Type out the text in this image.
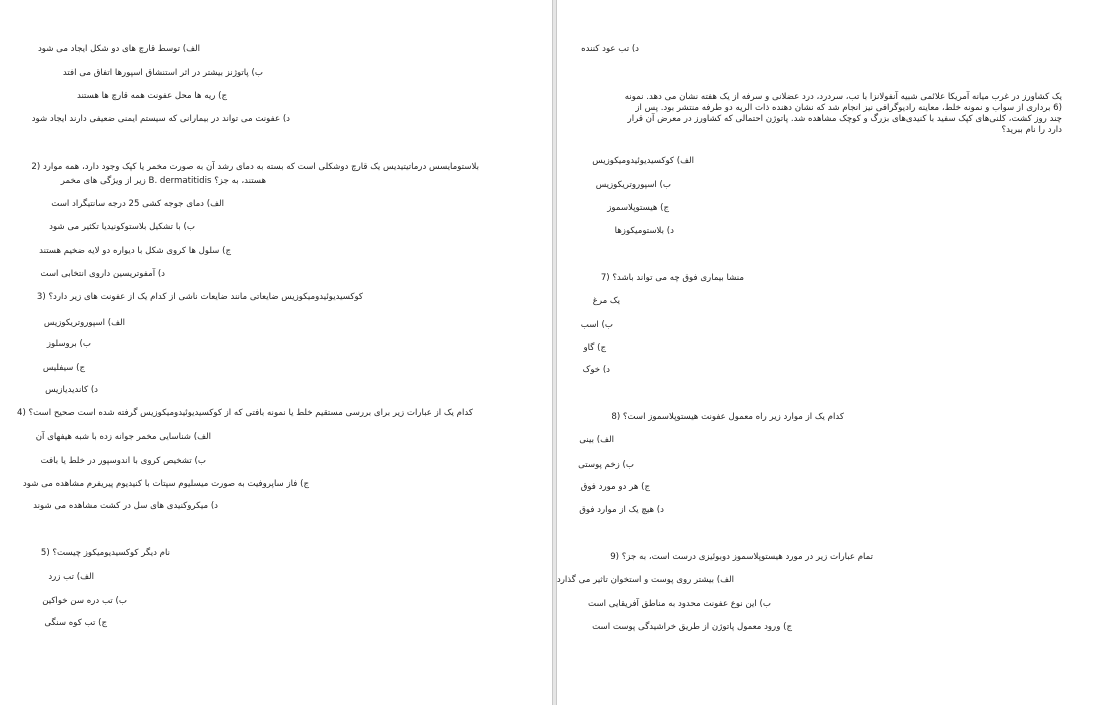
الف) توسط قارچ های دو شکل ایجاد می شود
ب) پاتوژنز بیشتر در اثر استنشاق اسپورها اتفاق می افتد
ج) ریه ها محل عفونت همه قارچ ها هستند
د) عفونت می تواند در بیمارانی که سیستم ایمنی ضعیفی دارند ایجاد شود
بلاستومایسس درماتیتیدیس یک قارچ دوشکلی است که بسته به دمای رشد آن به صورت مخمر یا کپک وجود دارد، همه موارد (2
هستند، به جز؟ B. dermatitidis زیر از ویژگی های مخمر
الف) دمای جوجه کشی 25 درجه سانتیگراد است
ب) با تشکیل بلاستوکونیدیا تکثیر می شود
ج) سلول ها کروی شکل با دیواره دو لایه ضخیم هستند
د) آمفوتریسین داروی انتخابی است
کوکسیدیوئیدومیکوزیس ضایعاتی مانند ضایعات ناشی از کدام یک از عفونت های زیر دارد؟ (3
الف) اسپوروتریکوزیس
ب) بروسلوز
ج) سیفلیس
د) کاندیدیازیس
کدام یک از عبارات زیر برای بررسی مستقیم خلط یا نمونه بافتی که از کوکسیدیوئیدومیکوزیس گرفته شده است صحیح است؟ (4
الف) شناسایی مخمر جوانه زده با شبه هیفهای آن
ب) تشخیص کروی با اندوسپور در خلط یا بافت
ج) فاز ساپروفیت به صورت میسلیوم سپتات با کنیدیوم پیریفرم مشاهده می شود
د) میکروکنیدی های سل در کشت مشاهده می شوند
نام دیگر کوکسیدیومیکوز چیست؟ (5
الف) تب زرد
ب) تب دره سن خواکین
ج) تب کوه سنگی
د) تب عود کننده
یک کشاورز در غرب میانه آمریکا علائمی شبیه آنفولانزا با تب، سردرد، درد عضلانی و سرفه از یک هفته نشان می دهد. نمونه (6 برداری از سواب و نمونه خلط، معاینه رادیوگرافی نیز انجام شد که نشان دهنده ذات الریه دو طرفه منتشر بود. پس از چند روز کشت، کلنی‌های کپک سفید با کنیدی‌های بزرگ و کوچک مشاهده شد. پاتوژن احتمالی که کشاورز در معرض آن قرار دارد را نام ببرید؟
الف) کوکسیدیوئیدومیکوزیس
ب) اسپوروتریکوزیس
ج) هیستوپلاسموز
د) بلاستومیکوزها
منشا بیماری فوق چه می تواند باشد؟ (7
یک مرغ
ب) اسب
ج) گاو
د) خوک
کدام یک از موارد زیر راه معمول عفونت هیستوپلاسموز است؟ (8
الف) بینی
ب) زخم پوستی
ج) هر دو مورد فوق
د) هیچ یک از موارد فوق
تمام عبارات زیر در مورد هیستوپلاسموز دوبوئیزی درست است، به جز؟ (9
الف) بیشتر روی پوست و استخوان تاثیر می گذارد
ب) این نوع عفونت محدود به مناطق آفریقایی است
ج) ورود معمول پاتوژن از طریق خراشیدگی پوست است
